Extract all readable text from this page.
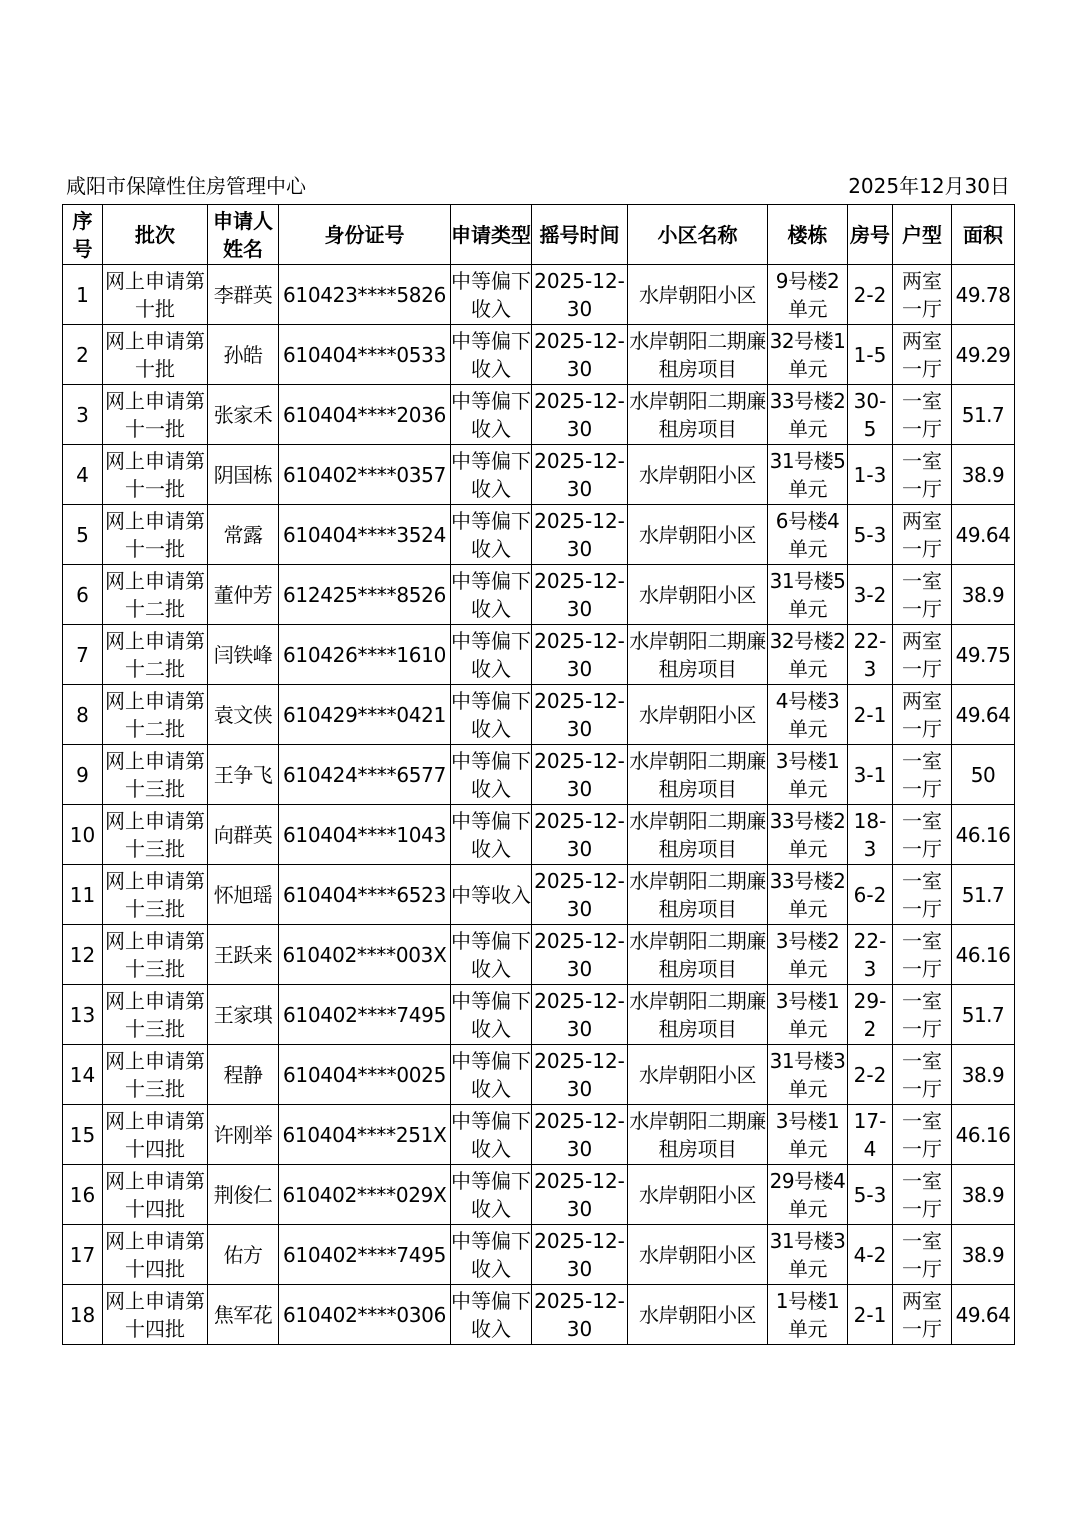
咸阳市保障性住房管理中心	2025年12月30日
序号	批次	申请人姓名	身份证号	申请类型	摇号时间	小区名称	楼栋	房号	户型	面积
1	网上申请第十批	李群英	610423****5826	中等偏下收入	2025-12-30	水岸朝阳小区	9号楼2单元	2-2	两室一厅	49.78
2	网上申请第十批	孙皓	610404****0533	中等偏下收入	2025-12-30	水岸朝阳二期廉租房项目	32号楼1单元	1-5	两室一厅	49.29
3	网上申请第十一批	张家禾	610404****2036	中等偏下收入	2025-12-30	水岸朝阳二期廉租房项目	33号楼2单元	30-5	一室一厅	51.7
4	网上申请第十一批	阴国栋	610402****0357	中等偏下收入	2025-12-30	水岸朝阳小区	31号楼5单元	1-3	一室一厅	38.9
5	网上申请第十一批	常露	610404****3524	中等偏下收入	2025-12-30	水岸朝阳小区	6号楼4单元	5-3	两室一厅	49.64
6	网上申请第十二批	董仲芳	612425****8526	中等偏下收入	2025-12-30	水岸朝阳小区	31号楼5单元	3-2	一室一厅	38.9
7	网上申请第十二批	闫铁峰	610426****1610	中等偏下收入	2025-12-30	水岸朝阳二期廉租房项目	32号楼2单元	22-3	两室一厅	49.75
8	网上申请第十二批	袁文侠	610429****0421	中等偏下收入	2025-12-30	水岸朝阳小区	4号楼3单元	2-1	两室一厅	49.64
9	网上申请第十三批	王争飞	610424****6577	中等偏下收入	2025-12-30	水岸朝阳二期廉租房项目	3号楼1单元	3-1	一室一厅	50
10	网上申请第十三批	向群英	610404****1043	中等偏下收入	2025-12-30	水岸朝阳二期廉租房项目	33号楼2单元	18-3	一室一厅	46.16
11	网上申请第十三批	怀旭瑶	610404****6523	中等收入	2025-12-30	水岸朝阳二期廉租房项目	33号楼2单元	6-2	一室一厅	51.7
12	网上申请第十三批	王跃来	610402****003X	中等偏下收入	2025-12-30	水岸朝阳二期廉租房项目	3号楼2单元	22-3	一室一厅	46.16
13	网上申请第十三批	王家琪	610402****7495	中等偏下收入	2025-12-30	水岸朝阳二期廉租房项目	3号楼1单元	29-2	一室一厅	51.7
14	网上申请第十三批	程静	610404****0025	中等偏下收入	2025-12-30	水岸朝阳小区	31号楼3单元	2-2	一室一厅	38.9
15	网上申请第十四批	许刚举	610404****251X	中等偏下收入	2025-12-30	水岸朝阳二期廉租房项目	3号楼1单元	17-4	一室一厅	46.16
16	网上申请第十四批	荆俊仁	610402****029X	中等偏下收入	2025-12-30	水岸朝阳小区	29号楼4单元	5-3	一室一厅	38.9
17	网上申请第十四批	佑方	610402****7495	中等偏下收入	2025-12-30	水岸朝阳小区	31号楼3单元	4-2	一室一厅	38.9
18	网上申请第十四批	焦军花	610402****0306	中等偏下收入	2025-12-30	水岸朝阳小区	1号楼1单元	2-1	两室一厅	49.64
